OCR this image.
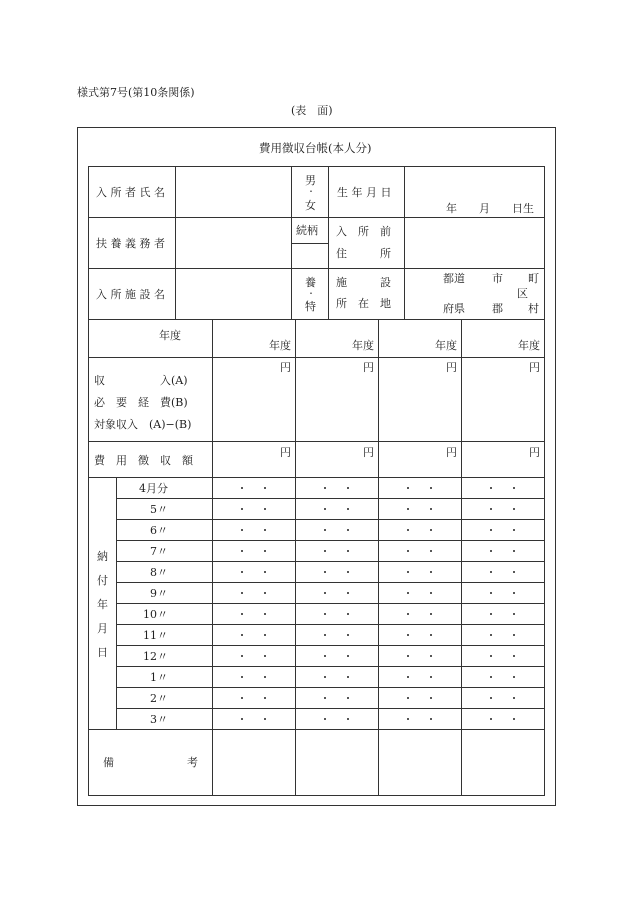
様式第7号(第10条関係)
(表　面)
費用徴収台帳(本人分)
入 所 者 氏 名
男
・
女
生 年 月 日
年　　月　　日生
扶 養 義 務 者
続柄 入　所　前
住　　　所
入 所 施 設 名
養
・
特
施　　　設
所　在　地
都道
府県
市
郡
町
区
村
年度
収　　　　　入(A)
必　要　経　費(B)
対象収入　(A)−(B)
費　用　徴　収　額
納
付
年
月
日
備	考
年度
円
円
年度
円
円
年度
円
円
年度
円
円
4月分
5〃
6〃
7〃
8〃
9〃
10〃
11〃
12〃
1〃
2〃
3〃
